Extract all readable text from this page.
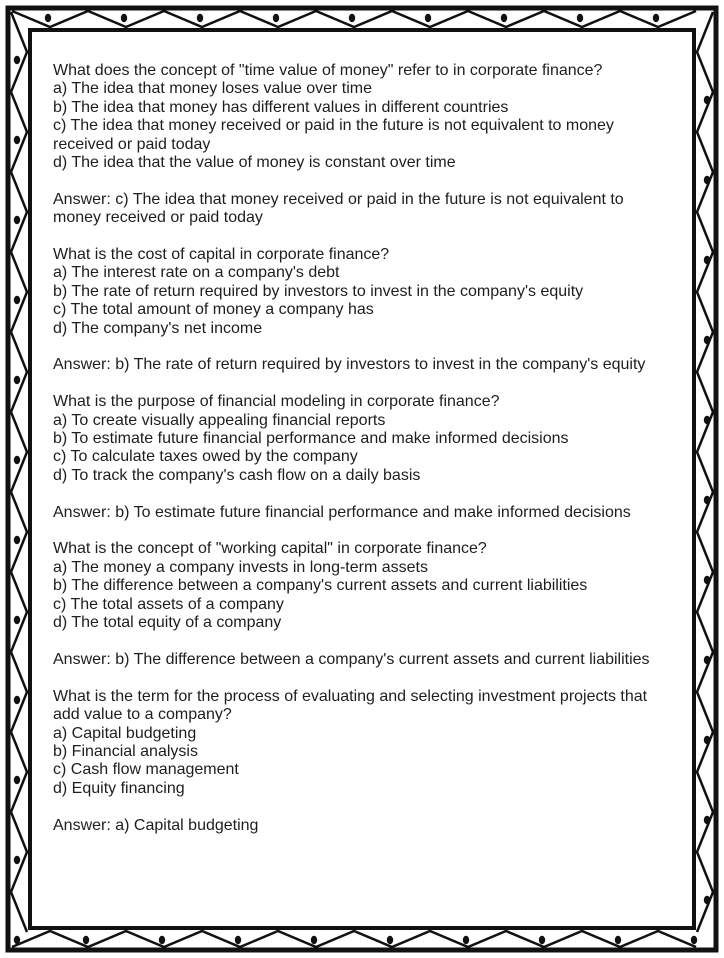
What does the concept of "time value of money" refer to in corporate finance?
a) The idea that money loses value over time
b) The idea that money has different values in different countries
c) The idea that money received or paid in the future is not equivalent to money received or paid today
d) The idea that the value of money is constant over time
Answer: c) The idea that money received or paid in the future is not equivalent to money received or paid today
What is the cost of capital in corporate finance?
a) The interest rate on a company's debt
b) The rate of return required by investors to invest in the company's equity
c) The total amount of money a company has
d) The company's net income
Answer: b) The rate of return required by investors to invest in the company's equity
What is the purpose of financial modeling in corporate finance?
a) To create visually appealing financial reports
b) To estimate future financial performance and make informed decisions
c) To calculate taxes owed by the company
d) To track the company's cash flow on a daily basis
Answer: b) To estimate future financial performance and make informed decisions
What is the concept of "working capital" in corporate finance?
a) The money a company invests in long-term assets
b) The difference between a company's current assets and current liabilities
c) The total assets of a company
d) The total equity of a company
Answer: b) The difference between a company's current assets and current liabilities
What is the term for the process of evaluating and selecting investment projects that add value to a company?
a) Capital budgeting
b) Financial analysis
c) Cash flow management
d) Equity financing
Answer: a) Capital budgeting
